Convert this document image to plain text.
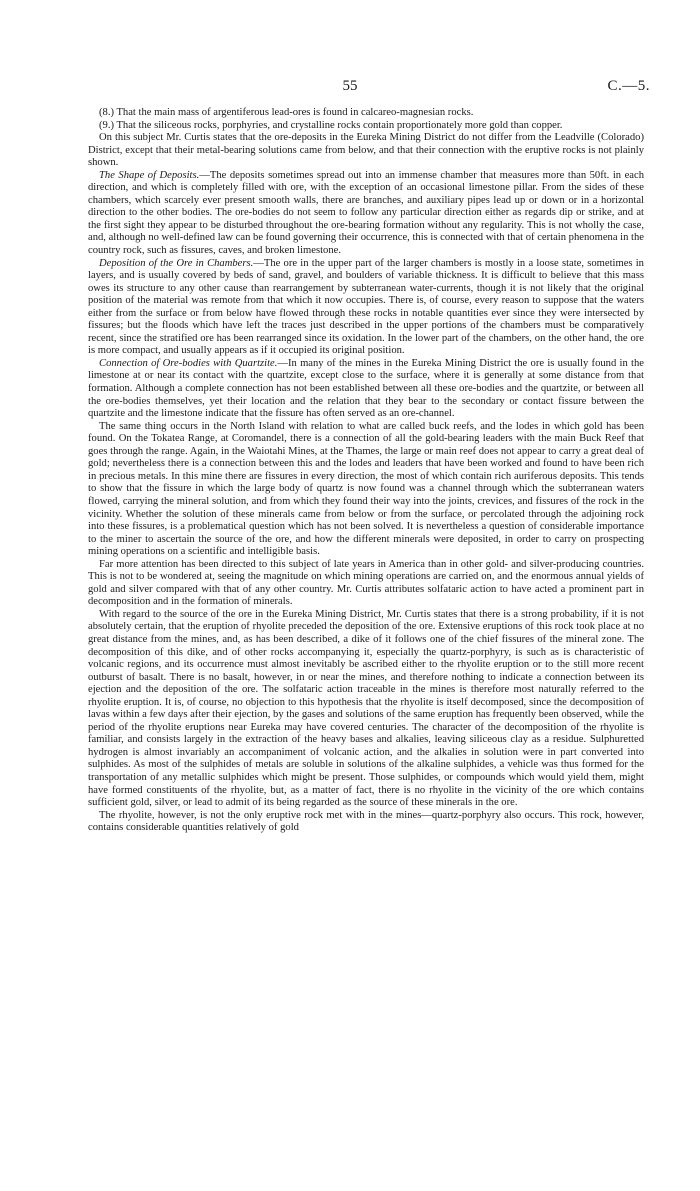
55	C.—5.

(8.) That the main mass of argentiferous lead-ores is found in calcareo-magnesian rocks.

(9.) That the siliceous rocks, porphyries, and crystalline rocks contain proportionately more gold than copper.

On this subject Mr. Curtis states that the ore-deposits in the Eureka Mining District do not differ from the Leadville (Colorado) District, except that their metal-bearing solutions came from below, and that their connection with the eruptive rocks is not plainly shown.

The Shape of Deposits.—The deposits sometimes spread out into an immense chamber that measures more than 50ft. in each direction, and which is completely filled with ore, with the exception of an occasional limestone pillar. From the sides of these chambers, which scarcely ever present smooth walls, there are branches, and auxiliary pipes lead up or down or in a horizontal direction to the other bodies. The ore-bodies do not seem to follow any particular direction either as regards dip or strike, and at the first sight they appear to be disturbed throughout the ore-bearing formation without any regularity. This is not wholly the case, and, although no well-defined law can be found governing their occurrence, this is connected with that of certain phenomena in the country rock, such as fissures, caves, and broken limestone.

Deposition of the Ore in Chambers.—The ore in the upper part of the larger chambers is mostly in a loose state, sometimes in layers, and is usually covered by beds of sand, gravel, and boulders of variable thickness. It is difficult to believe that this mass owes its structure to any other cause than rearrangement by subterranean water-currents, though it is not likely that the original position of the material was remote from that which it now occupies. There is, of course, every reason to suppose that the waters either from the surface or from below have flowed through these rocks in notable quantities ever since they were intersected by fissures; but the floods which have left the traces just described in the upper portions of the chambers must be comparatively recent, since the stratified ore has been rearranged since its oxidation. In the lower part of the chambers, on the other hand, the ore is more compact, and usually appears as if it occupied its original position.

Connection of Ore-bodies with Quartzite.—In many of the mines in the Eureka Mining District the ore is usually found in the limestone at or near its contact with the quartzite, except close to the surface, where it is generally at some distance from that formation. Although a complete connection has not been established between all these ore-bodies and the quartzite, or between all the ore-bodies themselves, yet their location and the relation that they bear to the secondary or contact fissure between the quartzite and the limestone indicate that the fissure has often served as an ore-channel.

The same thing occurs in the North Island with relation to what are called buck reefs, and the lodes in which gold has been found. On the Tokatea Range, at Coromandel, there is a connection of all the gold-bearing leaders with the main Buck Reef that goes through the range. Again, in the Waiotahi Mines, at the Thames, the large or main reef does not appear to carry a great deal of gold; nevertheless there is a connection between this and the lodes and leaders that have been worked and found to have been rich in precious metals. In this mine there are fissures in every direction, the most of which contain rich auriferous deposits. This tends to show that the fissure in which the large body of quartz is now found was a channel through which the subterranean waters flowed, carrying the mineral solution, and from which they found their way into the joints, crevices, and fissures of the rock in the vicinity. Whether the solution of these minerals came from below or from the surface, or percolated through the adjoining rock into these fissures, is a problematical question which has not been solved. It is nevertheless a question of considerable importance to the miner to ascertain the source of the ore, and how the different minerals were deposited, in order to carry on prospecting mining operations on a scientific and intelligible basis.

Far more attention has been directed to this subject of late years in America than in other gold- and silver-producing countries. This is not to be wondered at, seeing the magnitude on which mining operations are carried on, and the enormous annual yields of gold and silver compared with that of any other country. Mr. Curtis attributes solfataric action to have acted a prominent part in decomposition and in the formation of minerals.

With regard to the source of the ore in the Eureka Mining District, Mr. Curtis states that there is a strong probability, if it is not absolutely certain, that the eruption of rhyolite preceded the deposition of the ore. Extensive eruptions of this rock took place at no great distance from the mines, and, as has been described, a dike of it follows one of the chief fissures of the mineral zone. The decomposition of this dike, and of other rocks accompanying it, especially the quartz-porphyry, is such as is characteristic of volcanic regions, and its occurrence must almost inevitably be ascribed either to the rhyolite eruption or to the still more recent outburst of basalt. There is no basalt, however, in or near the mines, and therefore nothing to indicate a connection between its ejection and the deposition of the ore. The solfataric action traceable in the mines is therefore most naturally referred to the rhyolite eruption. It is, of course, no objection to this hypothesis that the rhyolite is itself decomposed, since the decomposition of lavas within a few days after their ejection, by the gases and solutions of the same eruption has frequently been observed, while the period of the rhyolite eruptions near Eureka may have covered centuries. The character of the decomposition of the rhyolite is familiar, and consists largely in the extraction of the heavy bases and alkalies, leaving siliceous clay as a residue. Sulphuretted hydrogen is almost invariably an accompaniment of volcanic action, and the alkalies in solution were in part converted into sulphides. As most of the sulphides of metals are soluble in solutions of the alkaline sulphides, a vehicle was thus formed for the transportation of any metallic sulphides which might be present. Those sulphides, or compounds which would yield them, might have formed constituents of the rhyolite, but, as a matter of fact, there is no rhyolite in the vicinity of the ore which contains sufficient gold, silver, or lead to admit of its being regarded as the source of these minerals in the ore.

The rhyolite, however, is not the only eruptive rock met with in the mines—quartz-porphyry also occurs. This rock, however, contains considerable quantities relatively of gold
